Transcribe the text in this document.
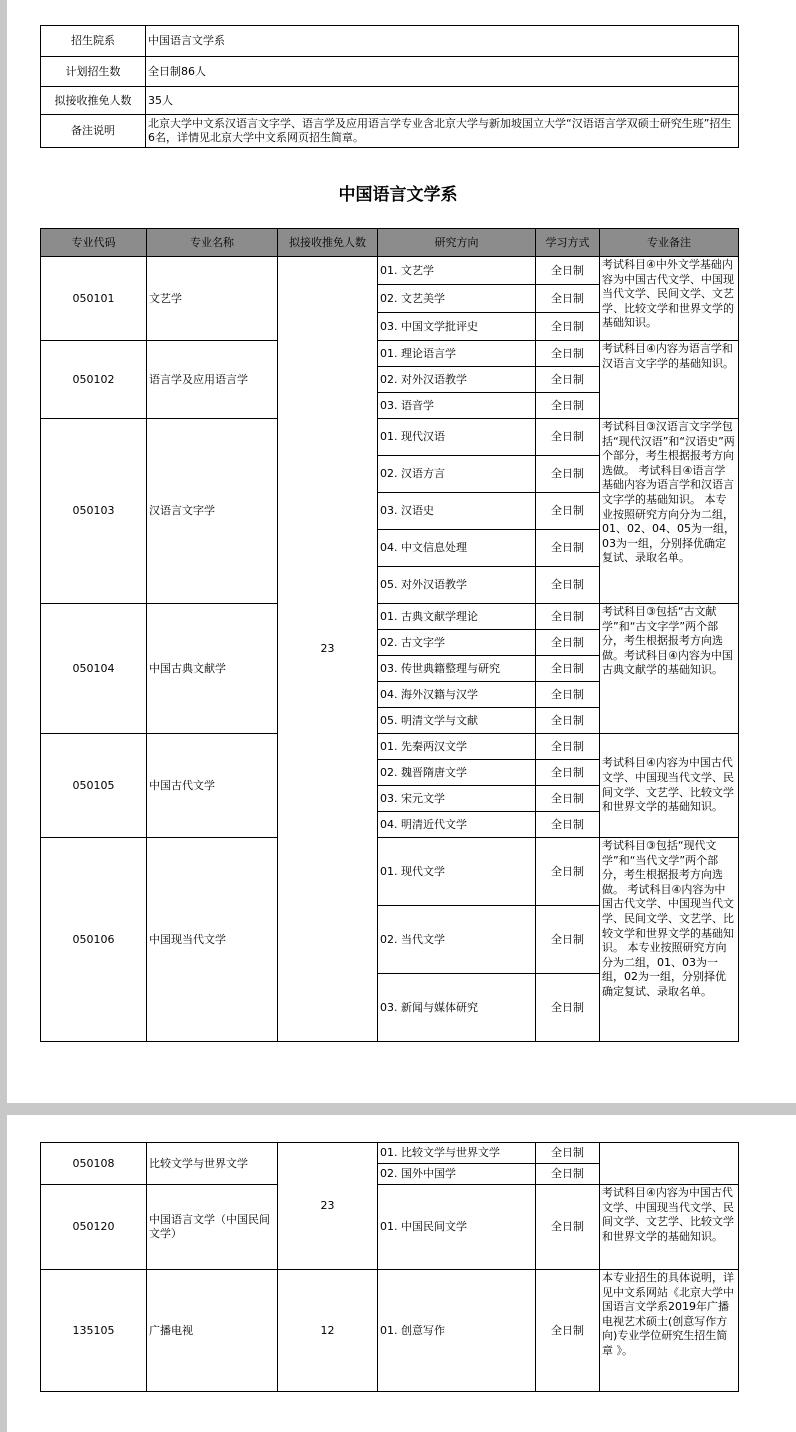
招生院系	中国语言文学系
计划招生数	全日制86人
拟接收推免人数	35人
备注说明	北京大学中文系汉语言文字学、语言学及应用语言学专业含北京大学与新加坡国立大学“汉语语言学双硕士研究生班”招生6名，详情见北京大学中文系网页招生简章。
中国语言文学系
专业代码	专业名称	拟接收推免人数	研究方向	学习方式	专业备注
050101	文艺学	23	01. 文艺学	全日制	考试科目④中外文学基础内容为中国古代文学、中国现当代文学、民间文学、文艺学、比较文学和世界文学的基础知识。
			02. 文艺美学	全日制	
			03. 中国文学批评史	全日制	
050102	语言学及应用语言学		01. 理论语言学	全日制	考试科目④内容为语言学和汉语言文字学的基础知识。
			02. 对外汉语教学	全日制	
			03. 语音学	全日制	
050103	汉语言文字学		01. 现代汉语	全日制	考试科目③汉语言文字学包括“现代汉语”和“汉语史”两个部分，考生根据报考方向选做。 考试科目④语言学基础内容为语言学和汉语言文字学的基础知识。 本专业按照研究方向分为二组，01、02、04、05为一组，03为一组，分别择优确定复试、录取名单。
			02. 汉语方言	全日制	
			03. 汉语史	全日制	
			04. 中文信息处理	全日制	
			05. 对外汉语教学	全日制	
050104	中国古典文献学		01. 古典文献学理论	全日制	考试科目③包括“古文献学”和“古文字学”两个部分，考生根据报考方向选做。考试科目④内容为中国古典文献学的基础知识。
			02. 古文字学	全日制	
			03. 传世典籍整理与研究	全日制	
			04. 海外汉籍与汉学	全日制	
			05. 明清文学与文献	全日制	
050105	中国古代文学		01. 先秦两汉文学	全日制	考试科目④内容为中国古代文学、中国现当代文学、民间文学、文艺学、比较文学和世界文学的基础知识。
			02. 魏晋隋唐文学	全日制	
			03. 宋元文学	全日制	
			04. 明清近代文学	全日制	
050106	中国现当代文学		01. 现代文学	全日制	考试科目③包括“现代文学”和“当代文学”两个部分，考生根据报考方向选做。 考试科目④内容为中国古代文学、中国现当代文学、民间文学、文艺学、比较文学和世界文学的基础知识。 本专业按照研究方向分为二组，01、03为一组，02为一组，分别择优确定复试、录取名单。
			02. 当代文学	全日制	
			03. 新闻与媒体研究	全日制	
050108	比较文学与世界文学	23	01. 比较文学与世界文学	全日制	
			02. 国外中国学	全日制	
050120	中国语言文学（中国民间文学）		01. 中国民间文学	全日制	考试科目④内容为中国古代文学、中国现当代文学、民间文学、文艺学、比较文学和世界文学的基础知识。
135105	广播电视	12	01. 创意写作	全日制	本专业招生的具体说明，详见中文系网站《北京大学中国语言文学系2019年广播电视艺术硕士(创意写作方向)专业学位研究生招生简章 》。
